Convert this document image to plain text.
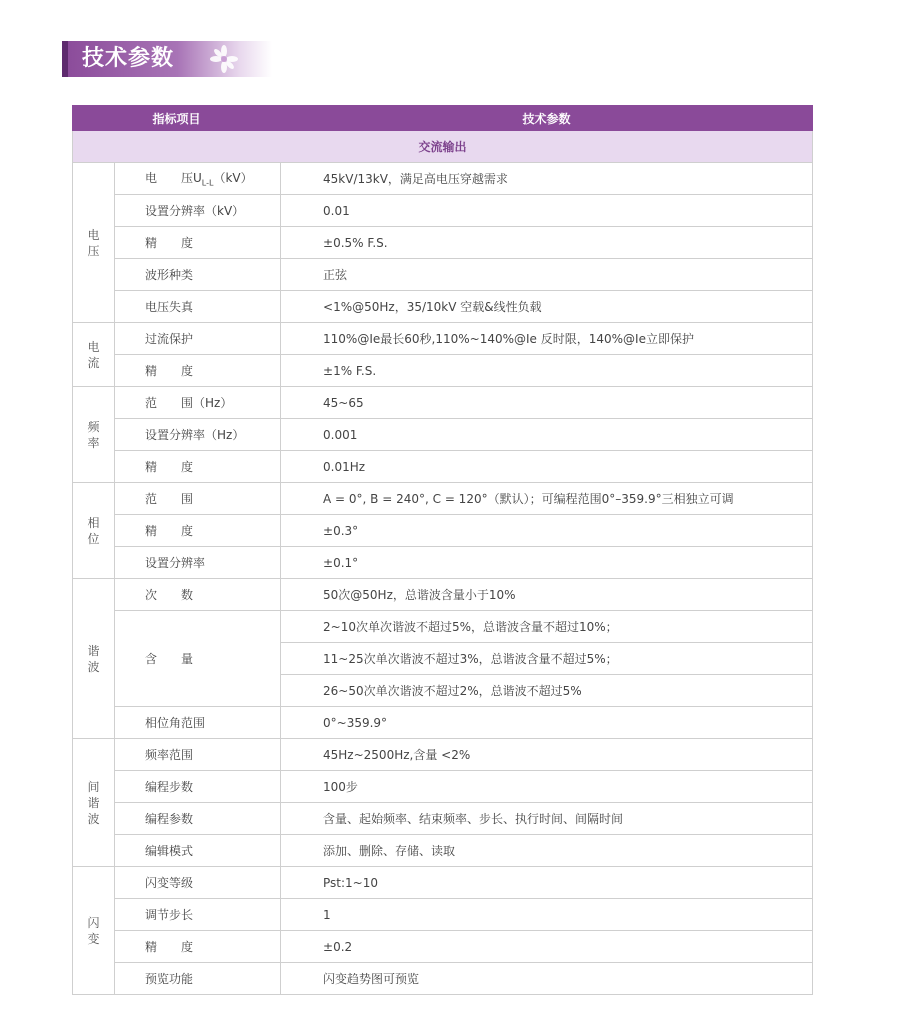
技术参数
指标项目		技术参数
交流输出		

电
压	电　　压$U_{L-L}(kV)$	45kV/13kV，满足高电压穿越需求
	设置分辨率（kV）	0.01
	精　　度	±0.5% F.S.
	波形种类	正弦
	电压失真	<1%@50Hz，35/10kV 空载&线性负载

电
流	过流保护	110%@Ie最长60秒,110%~140%@Ie 反时限，140%@Ie立即保护
	精　　度	±1% F.S.

频
率	范　　围（Hz）	45~65
	设置分辨率（Hz）	0.001
	精　　度	0.01Hz

相
位	范　　围	A = 0°, B = 240°, C = 120°（默认）；可编程范围0°–359.9°三相独立可调
	精　　度	±0.3°
	设置分辨率	±0.1°

谐
波	次　　数	50次@50Hz，总谐波含量小于10%
	含　　量	2~10次单次谐波不超过5%，总谐波含量不超过10%；
		11~25次单次谐波不超过3%，总谐波含量不超过5%；
		26~50次单次谐波不超过2%，总谐波不超过5%
	相位角范围	0°~359.9°

间
谐
波	频率范围	45Hz~2500Hz,含量 <2%
	编程步数	100步
	编程参数	含量、起始频率、结束频率、步长、执行时间、间隔时间
	编辑模式	添加、删除、存储、读取

闪
变	闪变等级	Pst:1~10
	调节步长	1
	精　　度	±0.2
	预览功能	闪变趋势图可预览
